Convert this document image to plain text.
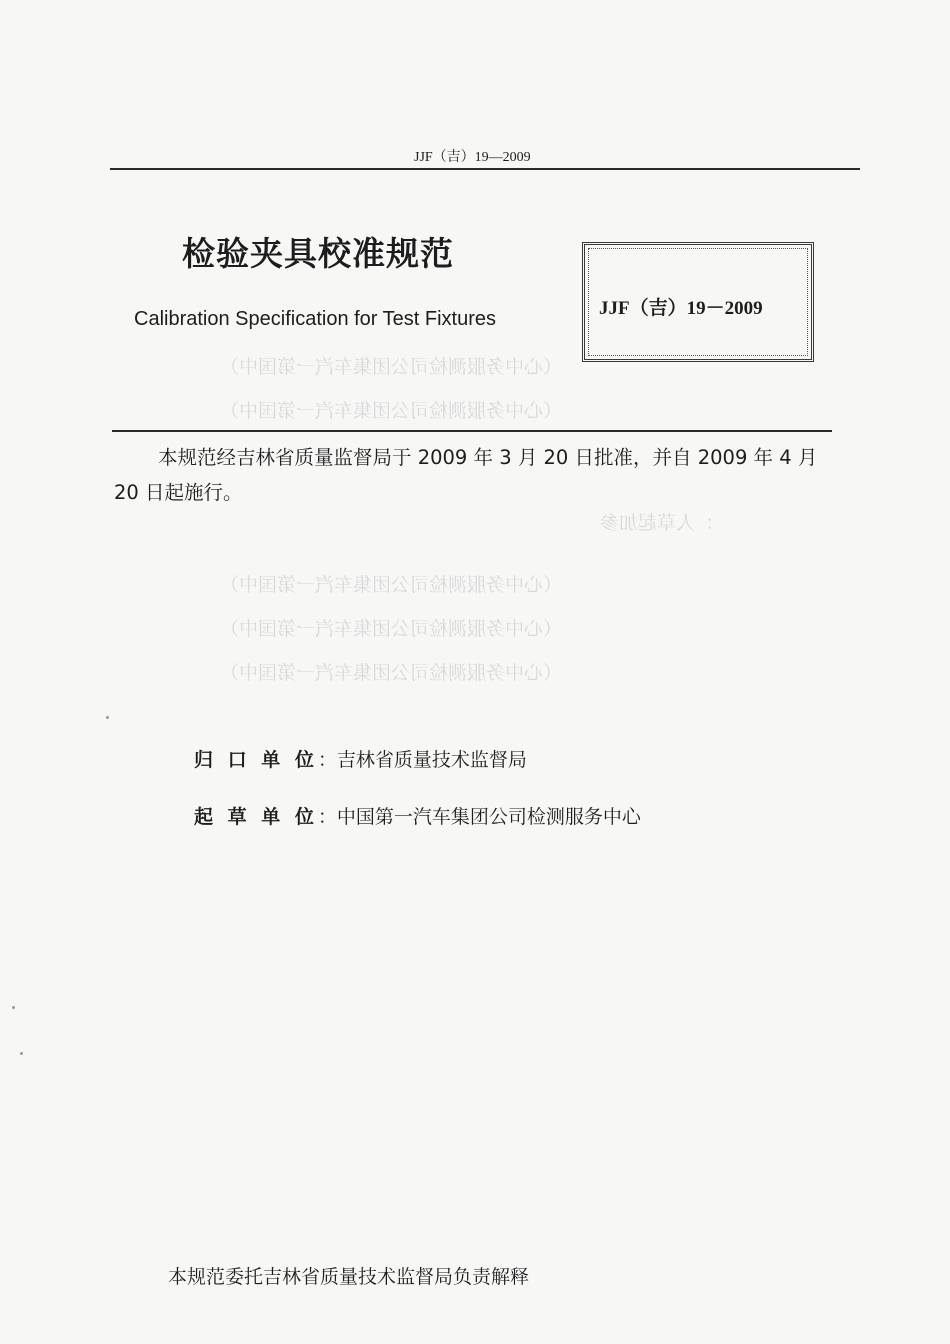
（心中务服测检司公团集车汽一第国中）
（心中务服测检司公团集车汽一第国中）
：人草起加参
（心中务服测检司公团集车汽一第国中）
（心中务服测检司公团集车汽一第国中）
（心中务服测检司公团集车汽一第国中）
JJF（吉）19—2009
检验夹具校准规范
Calibration Specification for Test Fixtures	JJF（吉）19－2009
本规范经吉林省质量监督局于 2009 年 3 月 20 日批准，并自 2009 年 4 月 20 日起施行。
归 口 单 位：吉林省质量技术监督局
起 草 单 位：中国第一汽车集团公司检测服务中心
本规范委托吉林省质量技术监督局负责解释
